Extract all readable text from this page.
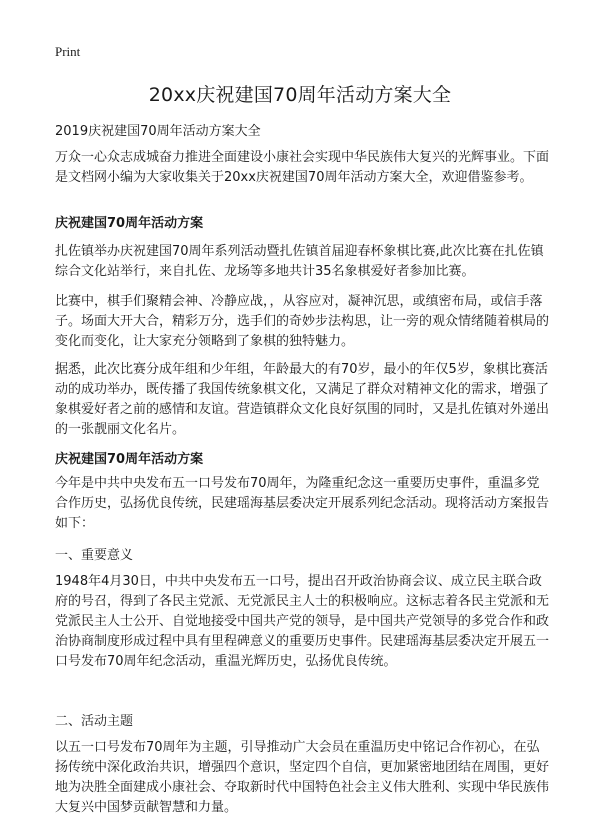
Print
20xx庆祝建国70周年活动方案大全
2019庆祝建国70周年活动方案大全

万众一心众志成城奋力推进全面建设小康社会实现中华民族伟大复兴的光辉事业。下面是文档网小编为大家收集关于20xx庆祝建国70周年活动方案大全，欢迎借鉴参考。

庆祝建国70周年活动方案

扎佐镇举办庆祝建国70周年系列活动暨扎佐镇首届迎春杯象棋比赛,此次比赛在扎佐镇综合文化站举行，来自扎佐、龙场等多地共计35名象棋爱好者参加比赛。

比赛中，棋手们聚精会神、冷静应战，，从容应对，凝神沉思，或缜密布局，或信手落子。场面大开大合，精彩万分，选手们的奇妙步法构思，让一旁的观众情绪随着棋局的变化而变化，让大家充分领略到了象棋的独特魅力。

据悉，此次比赛分成年组和少年组，年龄最大的有70岁，最小的年仅5岁，象棋比赛活动的成功举办，既传播了我国传统象棋文化，又满足了群众对精神文化的需求，增强了象棋爱好者之前的感情和友谊。营造镇群众文化良好氛围的同时，又是扎佐镇对外递出的一张靓丽文化名片。

庆祝建国70周年活动方案

今年是中共中央发布五一口号发布70周年，为隆重纪念这一重要历史事件，重温多党合作历史，弘扬优良传统，民建瑶海基层委决定开展系列纪念活动。现将活动方案报告如下：

一、重要意义

1948年4月30日，中共中央发布五一口号，提出召开政治协商会议、成立民主联合政府的号召，得到了各民主党派、无党派民主人士的积极响应。这标志着各民主党派和无党派民主人士公开、自觉地接受中国共产党的领导，是中国共产党领导的多党合作和政治协商制度形成过程中具有里程碑意义的重要历史事件。民建瑶海基层委决定开展五一口号发布70周年纪念活动，重温光辉历史，弘扬优良传统。

二、活动主题

以五一口号发布70周年为主题，引导推动广大会员在重温历史中铭记合作初心，在弘扬传统中深化政治共识，增强四个意识，坚定四个自信，更加紧密地团结在周围，更好地为决胜全面建成小康社会、夺取新时代中国特色社会主义伟大胜利、实现中华民族伟大复兴中国梦贡献智慧和力量。
